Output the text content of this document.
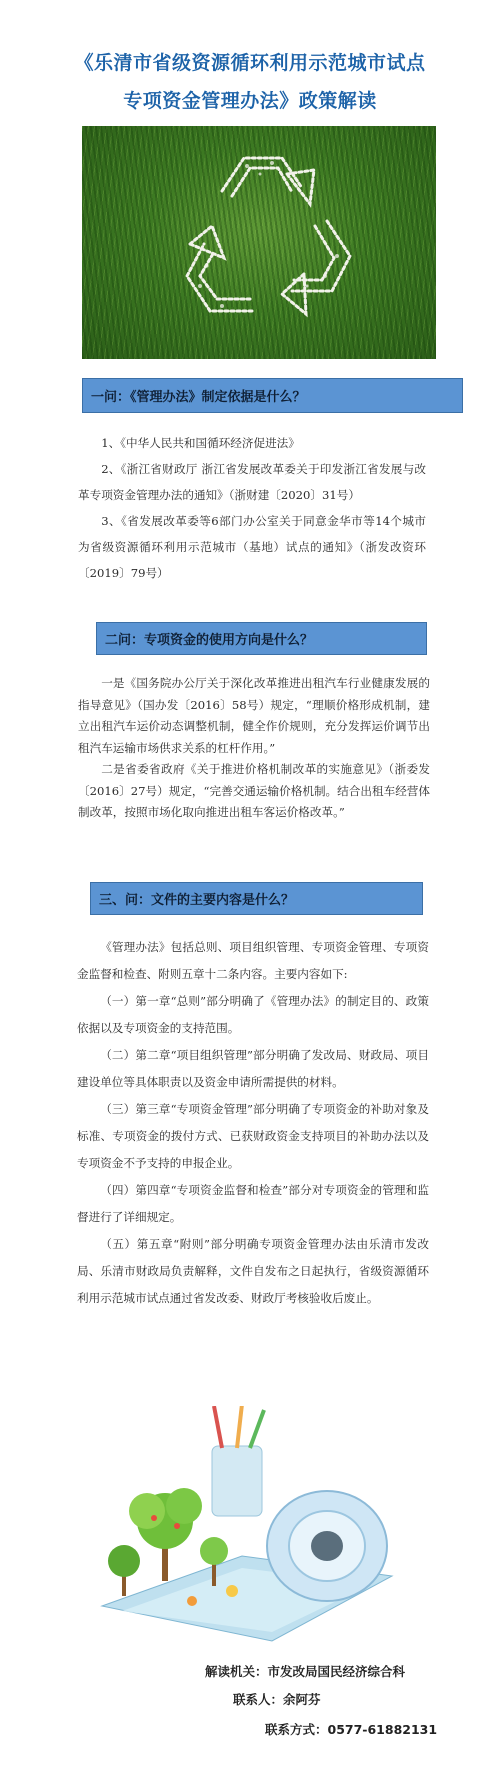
《乐清市省级资源循环利用示范城市试点
专项资金管理办法》政策解读
一问：《管理办法》制定依据是什么？

1、《中华人民共和国循环经济促进法》

2、《浙江省财政厅 浙江省发展改革委关于印发浙江省发展与改革专项资金管理办法的通知》（浙财建〔2020〕31号）

3、《省发展改革委等6部门办公室关于同意金华市等14个城市为省级资源循环利用示范城市（基地）试点的通知》（浙发改资环〔2019〕79号）

二问：专项资金的使用方向是什么？

一是《国务院办公厅关于深化改革推进出租汽车行业健康发展的指导意见》（国办发〔2016〕58号）规定，“理顺价格形成机制，建立出租汽车运价动态调整机制，健全作价规则，充分发挥运价调节出租汽车运输市场供求关系的杠杆作用。”

二是省委省政府《关于推进价格机制改革的实施意见》（浙委发〔2016〕27号）规定，“完善交通运输价格机制。结合出租车经营体制改革，按照市场化取向推进出租车客运价格改革。”

三、问：文件的主要内容是什么？

《管理办法》包括总则、项目组织管理、专项资金管理、专项资金监督和检查、附则五章十二条内容。主要内容如下:

（一）第一章“总则”部分明确了《管理办法》的制定目的、政策依据以及专项资金的支持范围。

（二）第二章“项目组织管理”部分明确了发改局、财政局、项目建设单位等具体职责以及资金申请所需提供的材料。

（三）第三章“专项资金管理”部分明确了专项资金的补助对象及标准、专项资金的拨付方式、已获财政资金支持项目的补助办法以及专项资金不予支持的申报企业。

（四）第四章“专项资金监督和检查”部分对专项资金的管理和监督进行了详细规定。

（五）第五章“附则”部分明确专项资金管理办法由乐清市发改局、乐清市财政局负责解释，文件自发布之日起执行，省级资源循环利用示范城市试点通过省发改委、财政厅考核验收后废止。

解读机关：市发改局国民经济综合科
联系人：余阿芬
联系方式：0577-61882131
